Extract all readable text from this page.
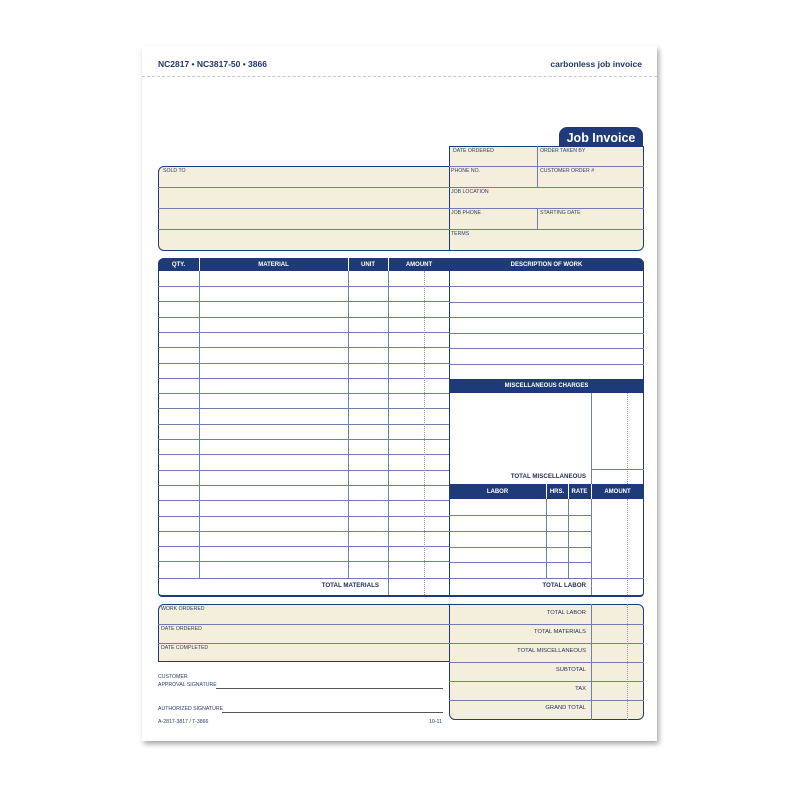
NC2817 • NC3817-50 • 3866	carbonless job invoice
Job Invoice
SOLD TO
DATE ORDERED	ORDER TAKEN BY
PHONE NO.	CUSTOMER ORDER #
JOB LOCATION
JOB PHONE	STARTING DATE
TERMS
QTY.	MATERIAL	UNIT	AMOUNT
TOTAL MATERIALS
DESCRIPTION OF WORK
MISCELLANEOUS CHARGES
TOTAL MISCELLANEOUS
LABOR	HRS.	RATE	AMOUNT
TOTAL LABOR
WORK ORDERED
DATE ORDERED
DATE COMPLETED
CUSTOMER
APPROVAL SIGNATURE
AUTHORIZED SIGNATURE
TOTAL LABOR
TOTAL MATERIALS
TOTAL MISCELLANEOUS
SUBTOTAL
TAX
GRAND TOTAL
A-2817-3817 / T-3866	10-11
